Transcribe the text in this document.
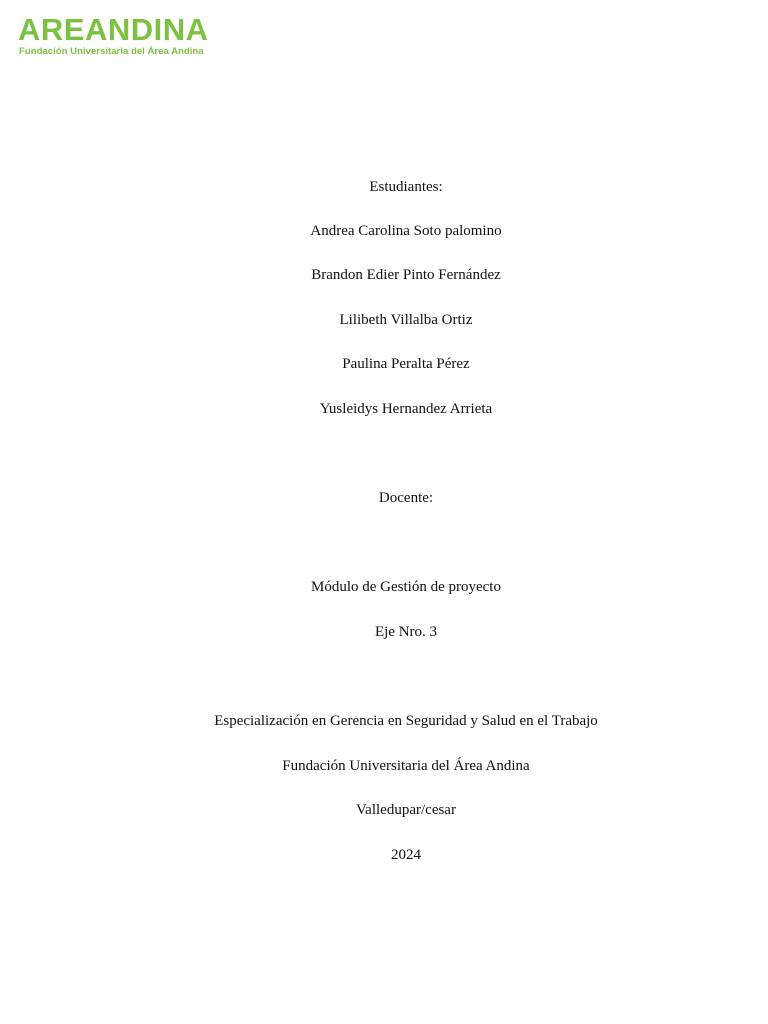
AREANDINA
Fundación Universitaria del Área Andina
Estudiantes:
Andrea Carolina Soto palomino
Brandon Edier Pinto Fernández
Lilibeth Villalba Ortiz
Paulina Peralta Pérez
Yusleidys Hernandez Arrieta
Docente:
Módulo de Gestión de proyecto
Eje Nro. 3
Especialización en Gerencia en Seguridad y Salud en el Trabajo
Fundación Universitaria del Área Andina
Valledupar/cesar
2024
